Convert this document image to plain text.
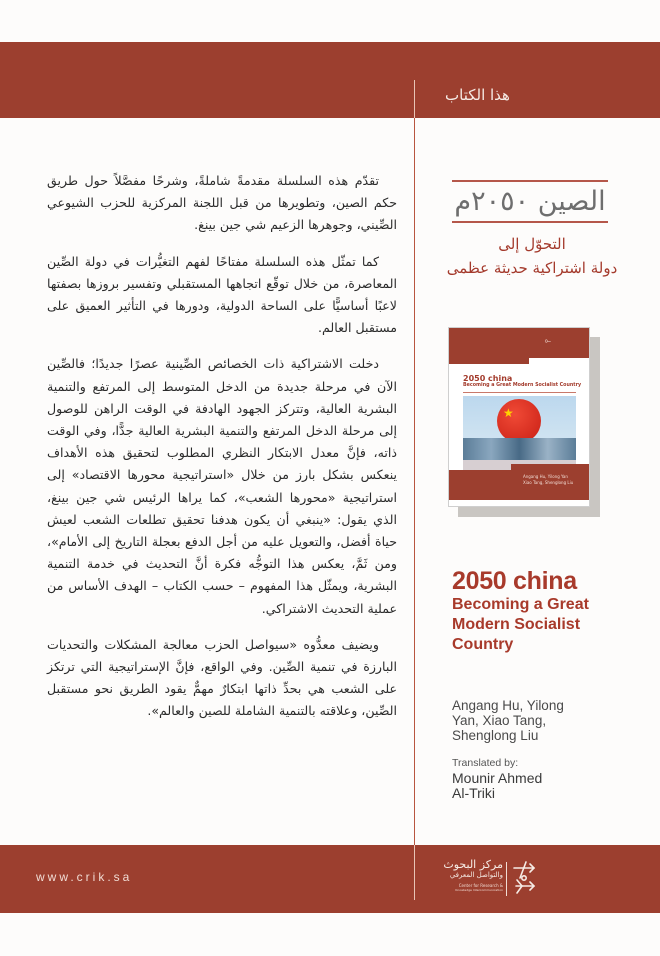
هذا الكتاب

تقدّم هذه السلسلة مقدمةً شاملةً، وشرحًا مفصَّلاً حول طريق حكم الصين، وتطويرها من قبل اللجنة المركزية للحزب الشيوعي الصِّيني، وجوهرها الزعيم شي جين بينغ.

كما تمثّل هذه السلسلة مفتاحًا لفهم التغيُّرات في دولة الصِّين المعاصرة، من خلال توقّع اتجاهها المستقبلي وتفسير بروزها بصفتها لاعبًا أساسيًّا على الساحة الدولية، ودورها في التأثير العميق على مستقبل العالم.

دخلت الاشتراكية ذات الخصائص الصِّينية عصرًا جديدًا؛ فالصِّين الآن في مرحلة جديدة من الدخل المتوسط إلى المرتفع والتنمية البشرية العالية، وتتركز الجهود الهادفة في الوقت الراهن للوصول إلى مرحلة الدخل المرتفع والتنمية البشرية العالية جدًّا، وفي الوقت ذاته، فإنَّ معدل الابتكار النظري المطلوب لتحقيق هذه الأهداف ينعكس بشكل بارز من خلال «استراتيجية محورها الاقتصاد» إلى استراتيجية «محورها الشعب»، كما يراها الرئيس شي جين بينغ، الذي يقول: «ينبغي أن يكون هدفنا تحقيق تطلعات الشعب لعيش حياة أفضل، والتعويل عليه من أجل الدفع بعجلة التاريخ إلى الأمام»، ومن ثَمَّ، يعكس هذا التوجُّه فكرة أنَّ التحديث في خدمة التنمية البشرية، ويمثّل هذا المفهوم – حسب الكتاب – الهدف الأساس من عملية التحديث الاشتراكي.

ويضيف معدُّوه «سيواصل الحزب معالجة المشكلات والتحديات البارزة في تنمية الصِّين. وفي الواقع، فإنَّ الإستراتيجية التي ترتكز على الشعب هي بحدِّ ذاتها ابتكارٌ مهمٌّ يقود الطريق نحو مستقبل الصِّين، وعلاقته بالتنمية الشاملة للصين والعالم».

الصين ٢٠٥٠م
التحوّل إلى
دولة اشتراكية حديثة عظمى
⟜
2050 china
Becoming a Great Modern Socialist Country
★
Angang Hu, Yilong Yan
Xiao Tang, Shenglong Liu
2050 china
Becoming a Great
Modern Socialist
Country
Angang Hu, Yilong
Yan, Xiao Tang,
Shenglong Liu
Translated by:
Mounir Ahmed
Al-Triki
www.crik.sa
مركز البحوث
والتواصل المعرفي
Center for Research &
Knowledge Intercommunication
